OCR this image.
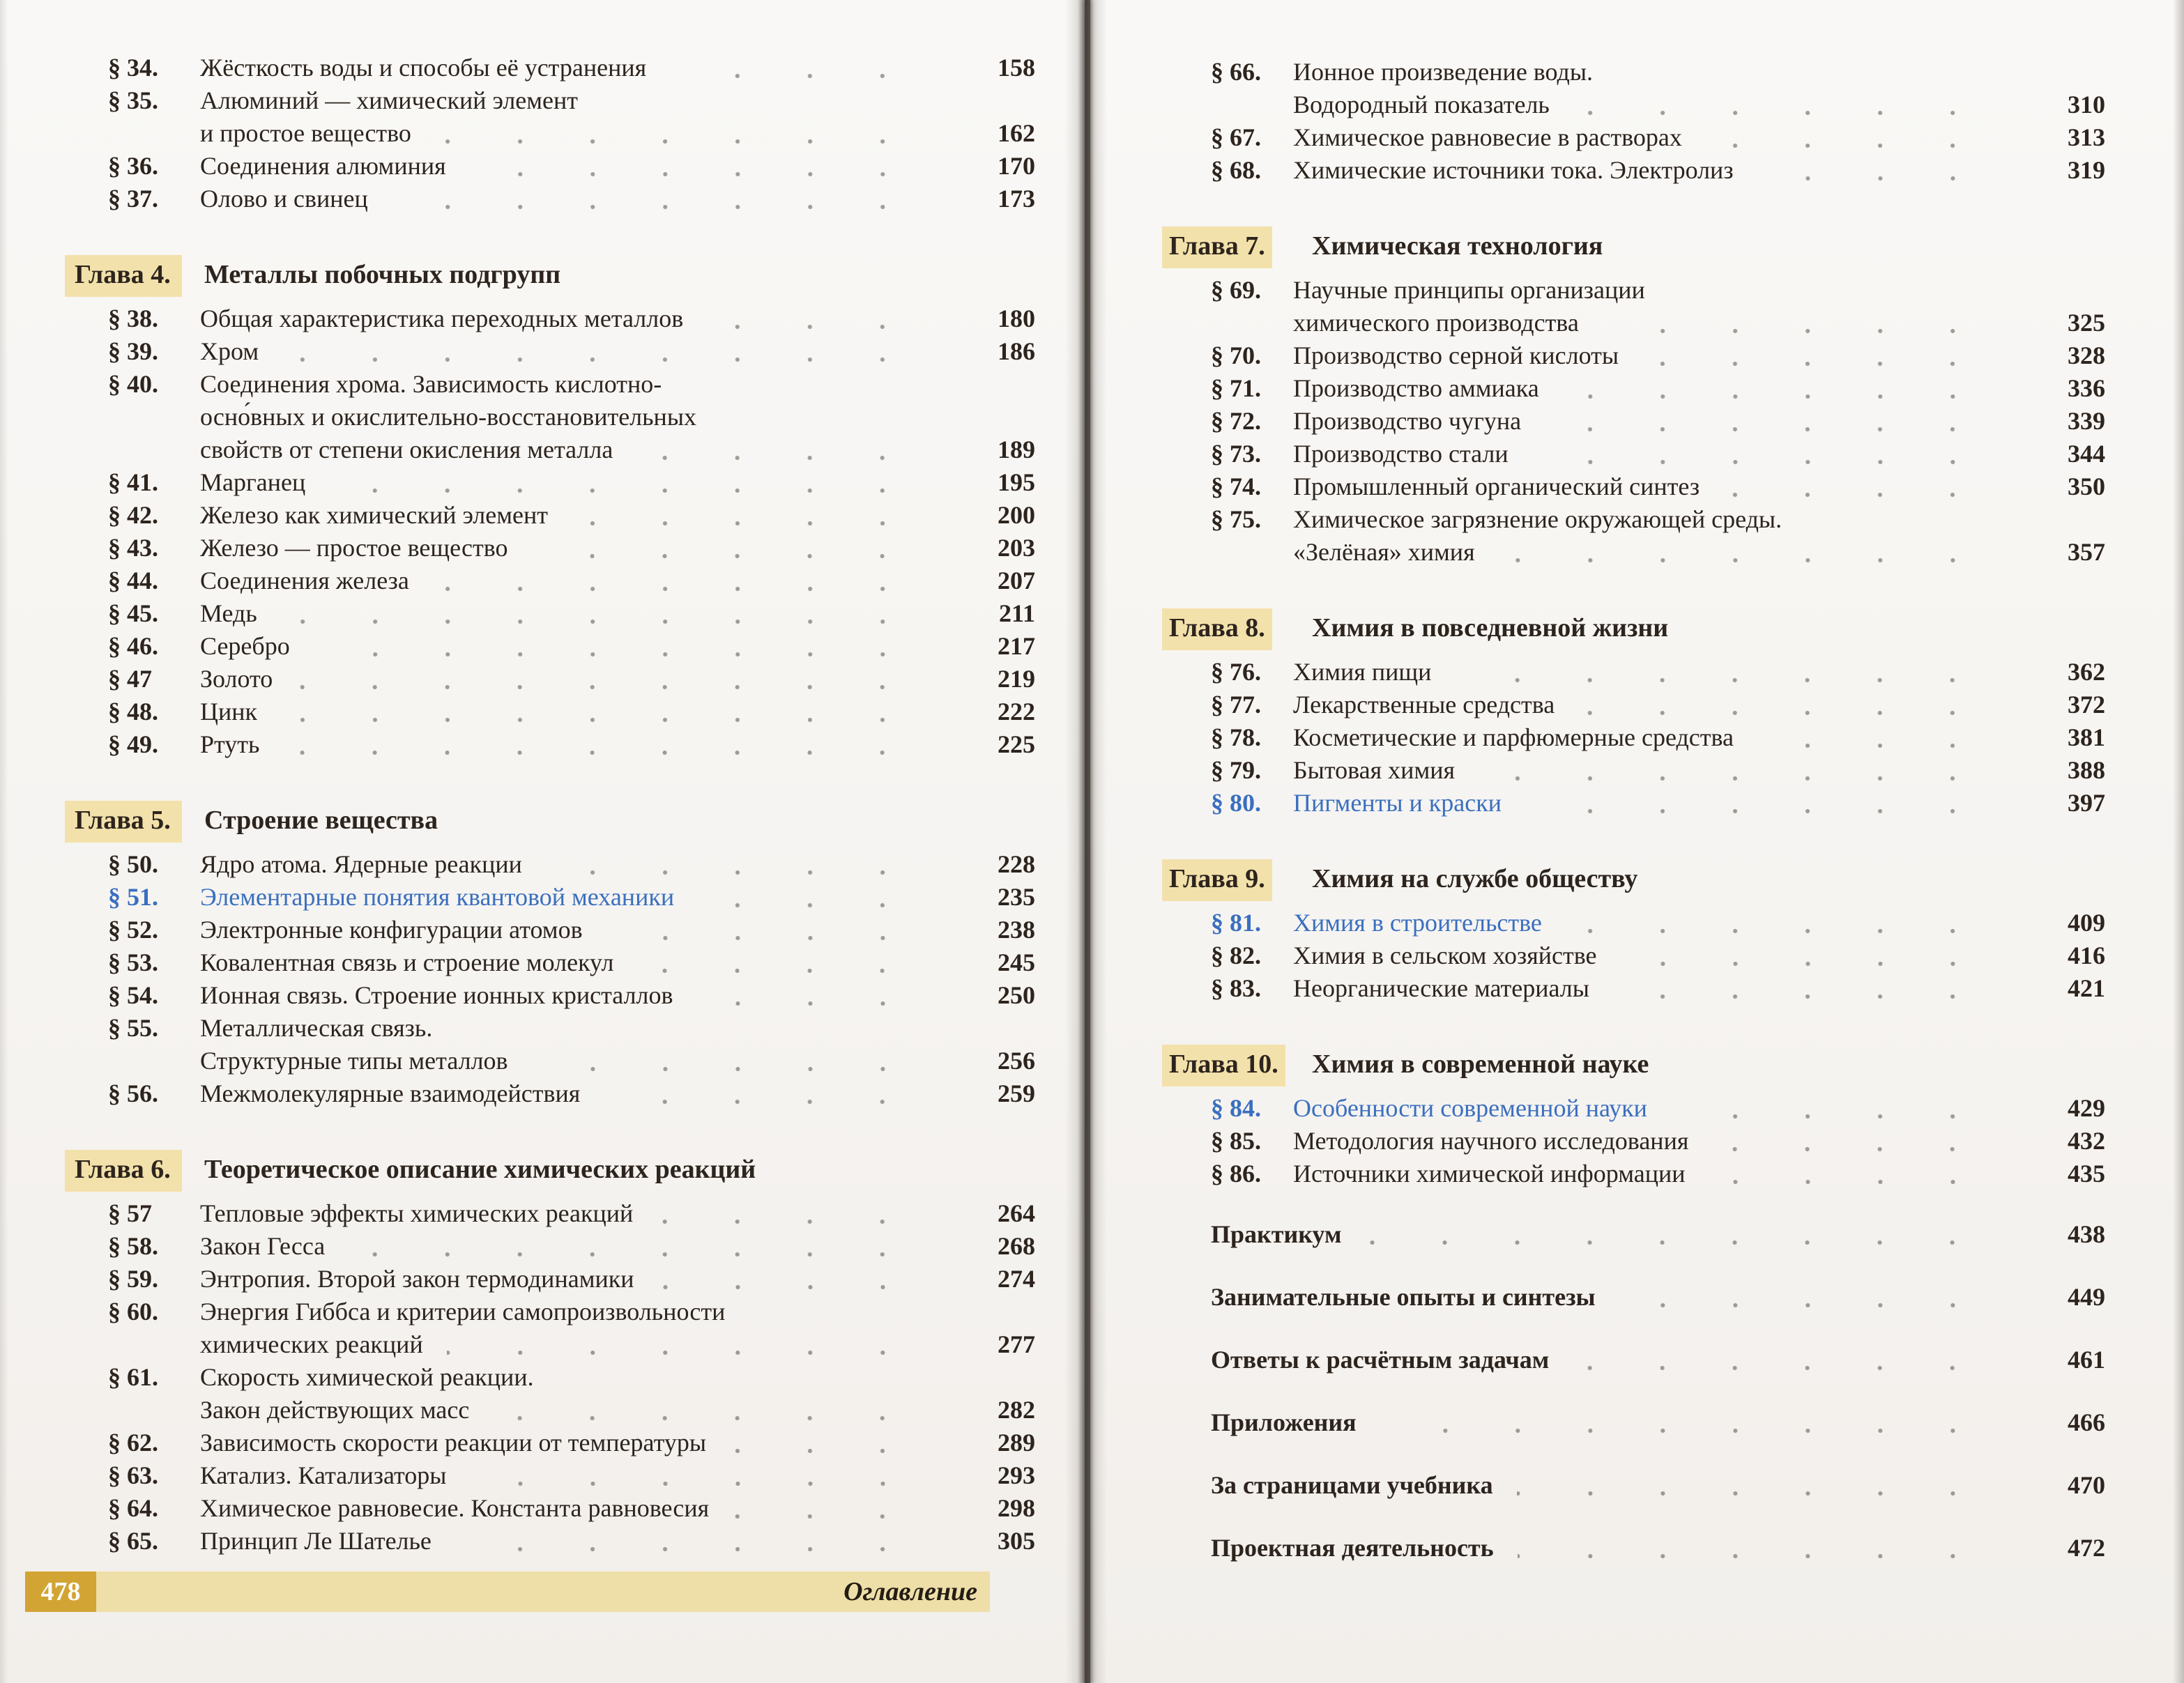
§ 34.	Жёсткость воды и способы её устранения	158
§ 35.	Алюминий — химический элемент
и простое вещество	162
§ 36.	Соединения алюминия	170
§ 37.	Олово и свинец	173
Глава 4.	Металлы побочных подгрупп
§ 38.	Общая характеристика переходных металлов	180
§ 39.	Хром	186
§ 40.	Соединения хрома. Зависимость кислотно-
осно́вных и окислительно-восстановительных
свойств от степени окисления металла	189
§ 41.	Марганец	195
§ 42.	Железо как химический элемент	200
§ 43.	Железо — простое вещество	203
§ 44.	Соединения железа	207
§ 45.	Медь	211
§ 46.	Серебро	217
§ 47	Золото	219
§ 48.	Цинк	222
§ 49.	Ртуть	225
Глава 5.	Строение вещества
§ 50.	Ядро атома. Ядерные реакции	228
§ 51.	Элементарные понятия квантовой механики	235
§ 52.	Электронные конфигурации атомов	238
§ 53.	Ковалентная связь и строение молекул	245
§ 54.	Ионная связь. Строение ионных кристаллов	250
§ 55.	Металлическая связь.
Структурные типы металлов	256
§ 56.	Межмолекулярные взаимодействия	259
Глава 6.	Теоретическое описание химических реакций
§ 57	Тепловые эффекты химических реакций	264
§ 58.	Закон Гесса	268
§ 59.	Энтропия. Второй закон термодинамики	274
§ 60.	Энергия Гиббса и критерии самопроизвольности
химических реакций	277
§ 61.	Скорость химической реакции.
Закон действующих масс	282
§ 62.	Зависимость скорости реакции от температуры	289
§ 63.	Катализ. Катализаторы	293
§ 64.	Химическое равновесие. Константа равновесия	298
§ 65.	Принцип Ле Шателье	305
§ 66.	Ионное произведение воды.
Водородный показатель	310
§ 67.	Химическое равновесие в растворах	313
§ 68.	Химические источники тока. Электролиз	319
Глава 7. Химическая технология
§ 69.	Научные принципы организации
химического производства	325
§ 70.	Производство серной кислоты	328
§ 71.	Производство аммиака	336
§ 72.	Производство чугуна	339
§ 73.	Производство стали	344
§ 74.	Промышленный органический синтез	350
§ 75.	Химическое загрязнение окружающей среды.
«Зелёная» химия	357
Глава 8. Химия в повседневной жизни
§ 76.	Химия пищи	362
§ 77.	Лекарственные средства	372
§ 78.	Косметические и парфюмерные средства	381
§ 79.	Бытовая химия	388
§ 80.	Пигменты и краски	397
Глава 9. Химия на службе обществу
§ 81.	Химия в строительстве	409
§ 82.	Химия в сельском хозяйстве	416
§ 83.	Неорганические материалы	421
Глава 10. Химия в современной науке
§ 84.	Особенности современной науки	429
§ 85.	Методология научного исследования	432
§ 86.	Источники химической информации	435
Практикум	438
Занимательные опыты и синтезы	449
Ответы к расчётным задачам	461
Приложения	466
За страницами учебника	470
Проектная деятельность	472
478	Оглавление
